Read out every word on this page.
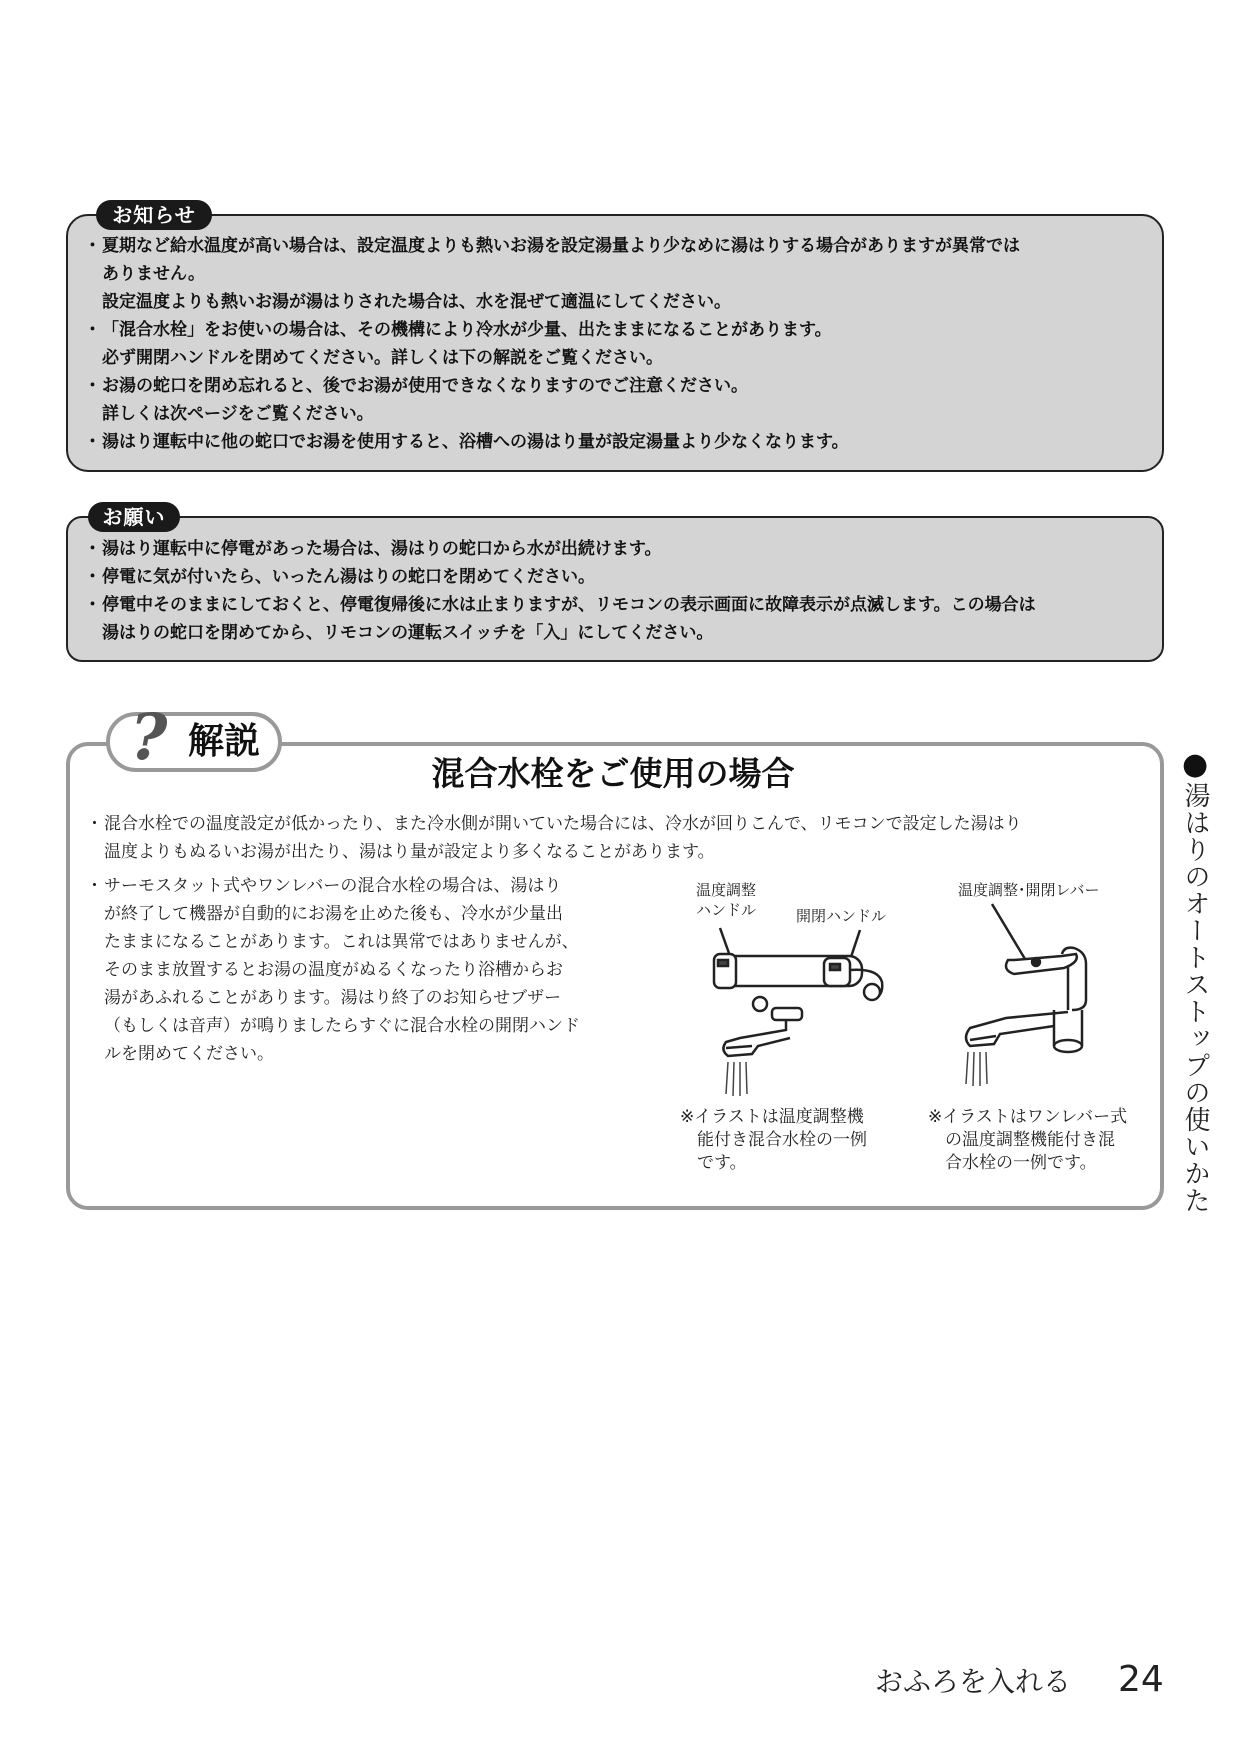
お知らせ
・ 夏期など給水温度が高い場合は、設定温度よりも熱いお湯を設定湯量より少なめに湯はりする場合がありますが異常では
ありません。
設定温度よりも熱いお湯が湯はりされた場合は、水を混ぜて適温にしてください。
・ 「混合水栓」をお使いの場合は、その機構により冷水が少量、出たままになることがあります。
必ず開閉ハンドルを閉めてください。詳しくは下の解説をご覧ください。
・ お湯の蛇口を閉め忘れると、後でお湯が使用できなくなりますのでご注意ください。
詳しくは次ページをご覧ください。
・ 湯はり運転中に他の蛇口でお湯を使用すると、浴槽への湯はり量が設定湯量より少なくなります。
お願い
・ 湯はり運転中に停電があった場合は、湯はりの蛇口から水が出続けます。
・ 停電に気が付いたら、いったん湯はりの蛇口を閉めてください。
・ 停電中そのままにしておくと、停電復帰後に水は止まりますが、リモコンの表示画面に故障表示が点滅します。この場合は
湯はりの蛇口を閉めてから、リモコンの運転スイッチを「入」にしてください。
? 解説
混合水栓をご使用の場合
・ 混合水栓での温度設定が低かったり、また冷水側が開いていた場合には、冷水が回りこんで、リモコンで設定した湯はり
温度よりもぬるいお湯が出たり、湯はり量が設定より多くなることがあります。
・ サーモスタット式やワンレバーの混合水栓の場合は、湯はり
が終了して機器が自動的にお湯を止めた後も、冷水が少量出
たままになることがあります。これは異常ではありませんが、
そのまま放置するとお湯の温度がぬるくなったり浴槽からお
湯があふれることがあります。湯はり終了のお知らせブザー
（もしくは音声）が鳴りましたらすぐに混合水栓の開閉ハンド
ルを閉めてください。
温度調整
ハンドル	開閉ハンドル
※イラストは温度調整機
　能付き混合水栓の一例
　です。
温度調整･開閉レバー
※イラストはワンレバー式
　の温度調整機能付き混
　合水栓の一例です。
●
湯はりのオートストップの使いかた
おふろを入れる 24
